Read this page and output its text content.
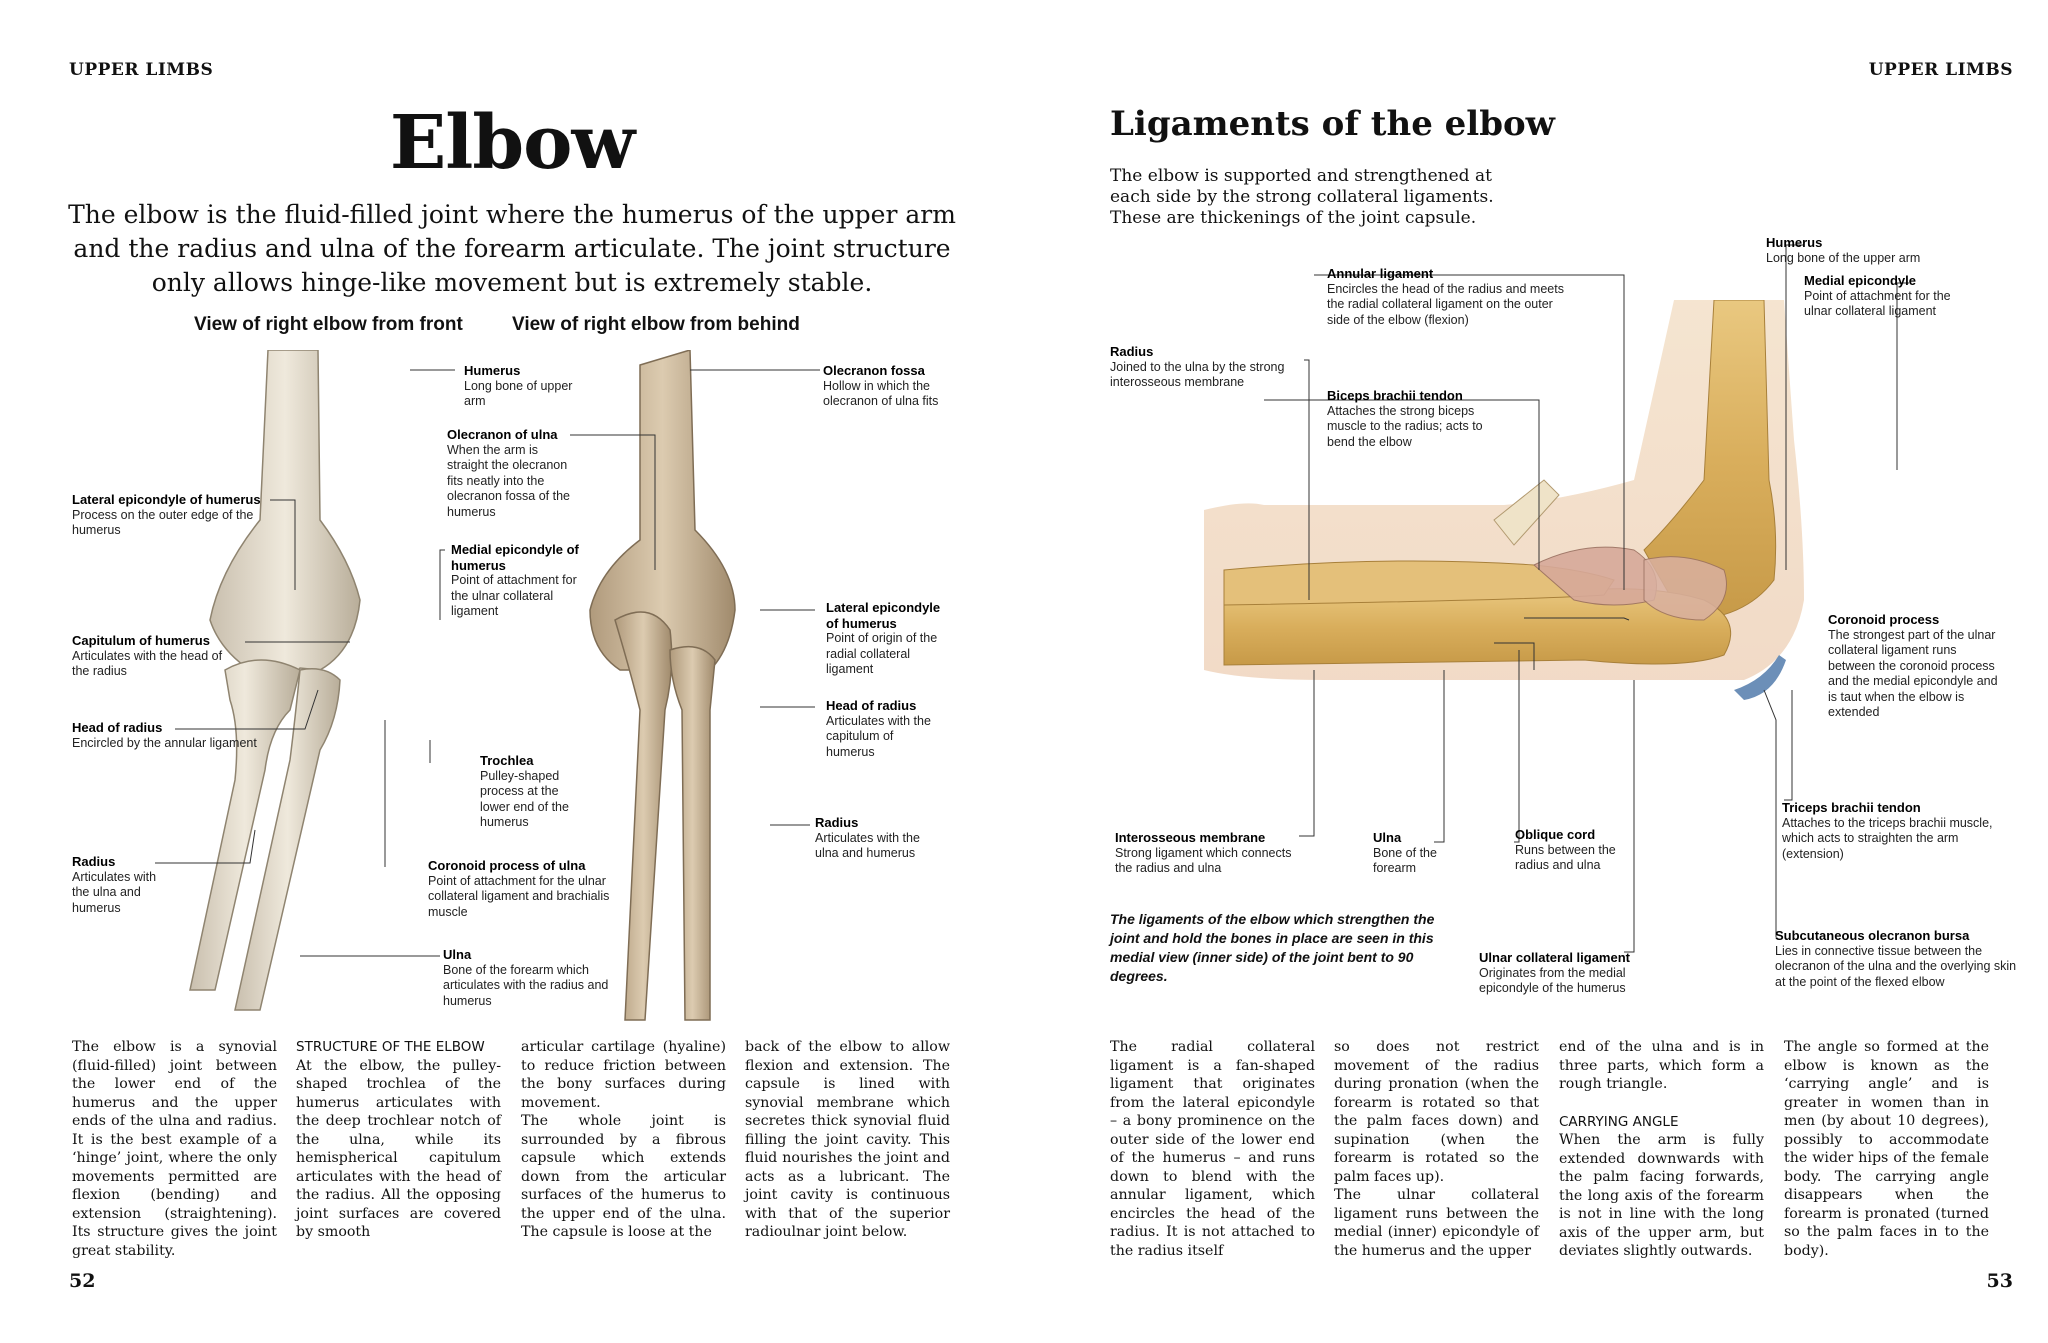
UPPER LIMBS
Elbow
The elbow is the fluid-filled joint where the humerus of the upper arm and the radius and ulna of the forearm articulate. The joint structure only allows hinge-like movement but is extremely stable.
View of right elbow from front	View of right elbow from behind
Humerus
Long bone of upper arm
Olecranon of ulna
When the arm is straight the olecranon fits neatly into the olecranon fossa of the humerus
Lateral epicondyle of humerus
Process on the outer edge of the humerus
Medial epicondyle of humerus
Point of attachment for the ulnar collateral ligament
Capitulum of humerus
Articulates with the head of the radius
Head of radius
Encircled by the annular ligament
Trochlea
Pulley-shaped process at the lower end of the humerus
Radius
Articulates with the ulna and humerus
Coronoid process of ulna
Point of attachment for the ulnar collateral ligament and brachialis muscle
Ulna
Bone of the forearm which articulates with the radius and humerus
Olecranon fossa
Hollow in which the olecranon of ulna fits
Lateral epicondyle of humerus
Point of origin of the radial collateral ligament
Head of radius
Articulates with the capitulum of humerus
Radius
Articulates with the ulna and humerus
The elbow is a synovial (fluid-filled) joint between the lower end of the humerus and the upper ends of the ulna and radius. It is the best example of a ‘hinge’ joint, where the only movements permitted are flexion (bending) and extension (straightening). Its structure gives the joint great stability.
STRUCTURE OF THE ELBOW
At the elbow, the pulley-shaped trochlea of the humerus articulates with the deep trochlear notch of the ulna, while its hemispherical capitulum articulates with the head of the radius. All the opposing joint surfaces are covered by smooth
articular cartilage (hyaline) to reduce friction between the bony surfaces during movement.
The whole joint is surrounded by a fibrous capsule which extends down from the articular surfaces of the humerus to the upper end of the ulna. The capsule is loose at the
back of the elbow to allow flexion and extension. The capsule is lined with synovial membrane which secretes thick synovial fluid filling the joint cavity. This fluid nourishes the joint and acts as a lubricant. The joint cavity is continuous with that of the superior radioulnar joint below.
52
UPPER LIMBS
Ligaments of the elbow
The elbow is supported and strengthened at each side by the strong collateral ligaments. These are thickenings of the joint capsule.
Humerus
Long bone of the upper arm
Medial epicondyle
Point of attachment for the ulnar collateral ligament
Annular ligament
Encircles the head of the radius and meets the radial collateral ligament on the outer side of the elbow (flexion)
Radius
Joined to the ulna by the strong interosseous membrane
Biceps brachii tendon
Attaches the strong biceps muscle to the radius; acts to bend the elbow
Coronoid process
The strongest part of the ulnar collateral ligament runs between the coronoid process and the medial epicondyle and is taut when the elbow is extended
Triceps brachii tendon
Attaches to the triceps brachii muscle, which acts to straighten the arm (extension)
Interosseous membrane
Strong ligament which connects the radius and ulna
Ulna
Bone of the forearm
Oblique cord
Runs between the radius and ulna
Ulnar collateral ligament
Originates from the medial epicondyle of the humerus
Subcutaneous olecranon bursa
Lies in connective tissue between the olecranon of the ulna and the overlying skin at the point of the flexed elbow
The ligaments of the elbow which strengthen the joint and hold the bones in place are seen in this medial view (inner side) of the joint bent to 90 degrees.
The radial collateral ligament is a fan-shaped ligament that originates from the lateral epicondyle – a bony prominence on the outer side of the lower end of the humerus – and runs down to blend with the annular ligament, which encircles the head of the radius. It is not attached to the radius itself
so does not restrict movement of the radius during pronation (when the forearm is rotated so that the palm faces down) and supination (when the forearm is rotated so the palm faces up).
The ulnar collateral ligament runs between the medial (inner) epicondyle of the humerus and the upper
end of the ulna and is in three parts, which form a rough triangle.
CARRYING ANGLE
When the arm is fully extended downwards with the palm facing forwards, the long axis of the forearm is not in line with the long axis of the upper arm, but deviates slightly outwards.
The angle so formed at the elbow is known as the ‘carrying angle’ and is greater in women than in men (by about 10 degrees), possibly to accommodate the wider hips of the female body. The carrying angle disappears when the forearm is pronated (turned so the palm faces in to the body).
53
